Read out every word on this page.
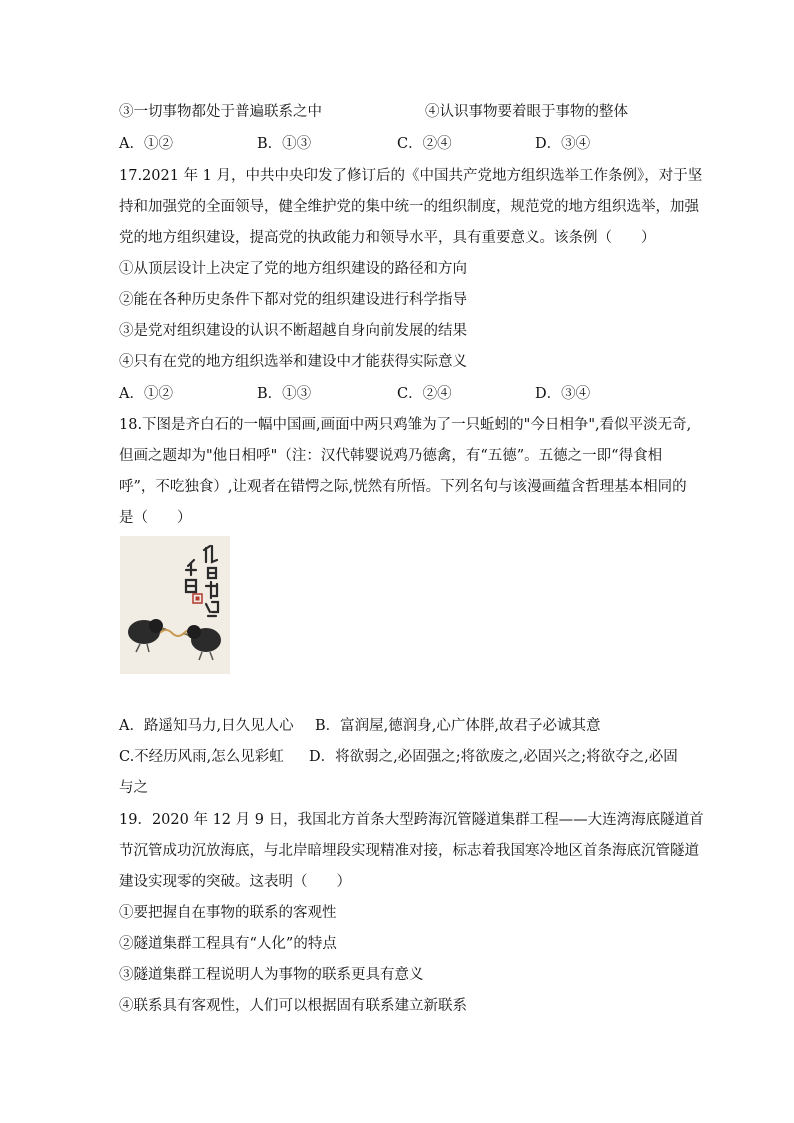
③一切事物都处于普遍联系之中	④认识事物要着眼于事物的整体
A．①②	B．①③	C．②④	D．③④
17.2021 年 1 月，中共中央印发了修订后的《中国共产党地方组织选举工作条例》，对于坚
持和加强党的全面领导，健全维护党的集中统一的组织制度，规范党的地方组织选举，加强
党的地方组织建设，提高党的执政能力和领导水平，具有重要意义。该条例（　　）
①从顶层设计上决定了党的地方组织建设的路径和方向
②能在各种历史条件下都对党的组织建设进行科学指导
③是党对组织建设的认识不断超越自身向前发展的结果
④只有在党的地方组织选举和建设中才能获得实际意义
A．①②	B．①③	C．②④	D．③④
18.下图是齐白石的一幅中国画,画面中两只鸡雏为了一只蚯蚓的"今日相争",看似平淡无奇,
但画之题却为"他日相呼"（注：汉代韩婴说鸡乃德禽，有“五德”。五德之一即“得食相
呼”，不吃独食）,让观者在错愕之际,恍然有所悟。下列名句与该漫画蕴含哲理基本相同的
是（　　）
A．路遥知马力,日久见人心 B．富润屋,德润身,心广体胖,故君子必诚其意
C.不经历风雨,怎么见彩虹 D．将欲弱之,必固强之;将欲废之,必固兴之;将欲夺之,必固
与之
19．2020 年 12 月 9 日，我国北方首条大型跨海沉管隧道集群工程——大连湾海底隧道首
节沉管成功沉放海底，与北岸暗埋段实现精准对接，标志着我国寒冷地区首条海底沉管隧道
建设实现零的突破。这表明（　　）
①要把握自在事物的联系的客观性
②隧道集群工程具有“人化”的特点
③隧道集群工程说明人为事物的联系更具有意义
④联系具有客观性，人们可以根据固有联系建立新联系
